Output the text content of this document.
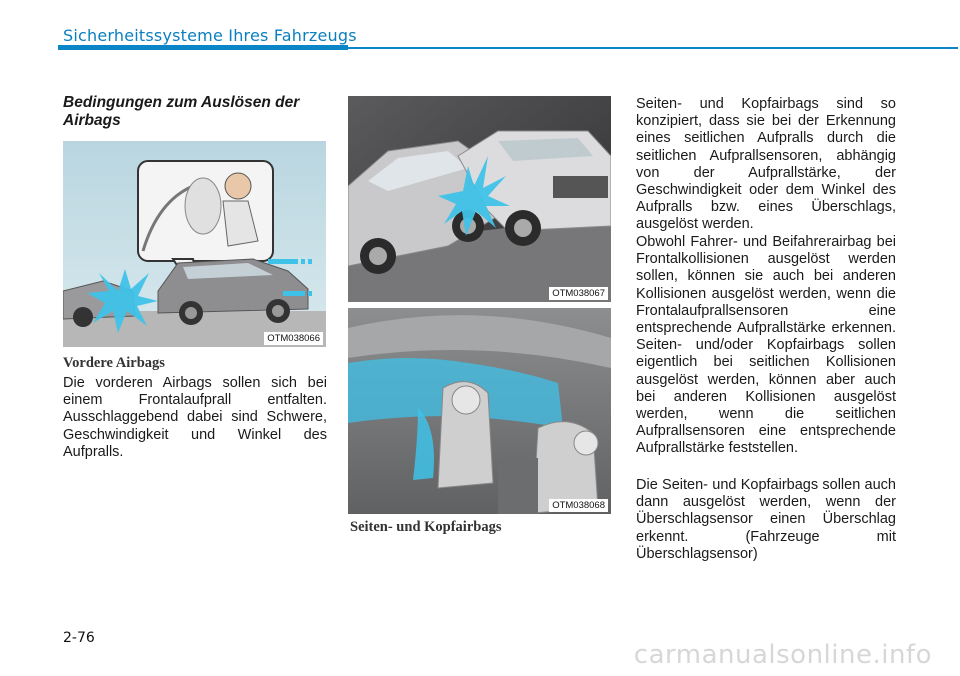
Sicherheitssysteme Ihres Fahrzeugs
Bedingungen zum Auslösen der Airbags
OTM038066
Vordere Airbags

Die vorderen Airbags sollen sich bei einem Frontalaufprall entfalten. Ausschlaggebend dabei sind Schwere, Geschwindigkeit und Winkel des Aufpralls.

OTM038067
OTM038068
Seiten- und Kopfairbags

Seiten- und Kopfairbags sind so konzipiert, dass sie bei der Erkennung eines seitlichen Aufpralls durch die seitlichen Aufprallsensoren, abhängig von der Aufprallstärke, der Geschwindigkeit oder dem Winkel des Aufpralls bzw. eines Überschlags, ausgelöst werden.

Obwohl Fahrer- und Beifahrerairbag bei Frontalkollisionen ausgelöst werden sollen, können sie auch bei anderen Kollisionen ausgelöst werden, wenn die Frontalaufprallsensoren eine entsprechende Aufprallstärke erkennen. Seiten- und/oder Kopfairbags sollen eigentlich bei seitlichen Kollisionen ausgelöst werden, können aber auch bei anderen Kollisionen ausgelöst werden, wenn die seitlichen Aufprallsensoren eine entsprechende Aufprallstärke feststellen.

Die Seiten- und Kopfairbags sollen auch dann ausgelöst werden, wenn der Überschlagsensor einen Überschlag erkennt. (Fahrzeuge mit Überschlagsensor)

2-76
carmanualsonline.info
